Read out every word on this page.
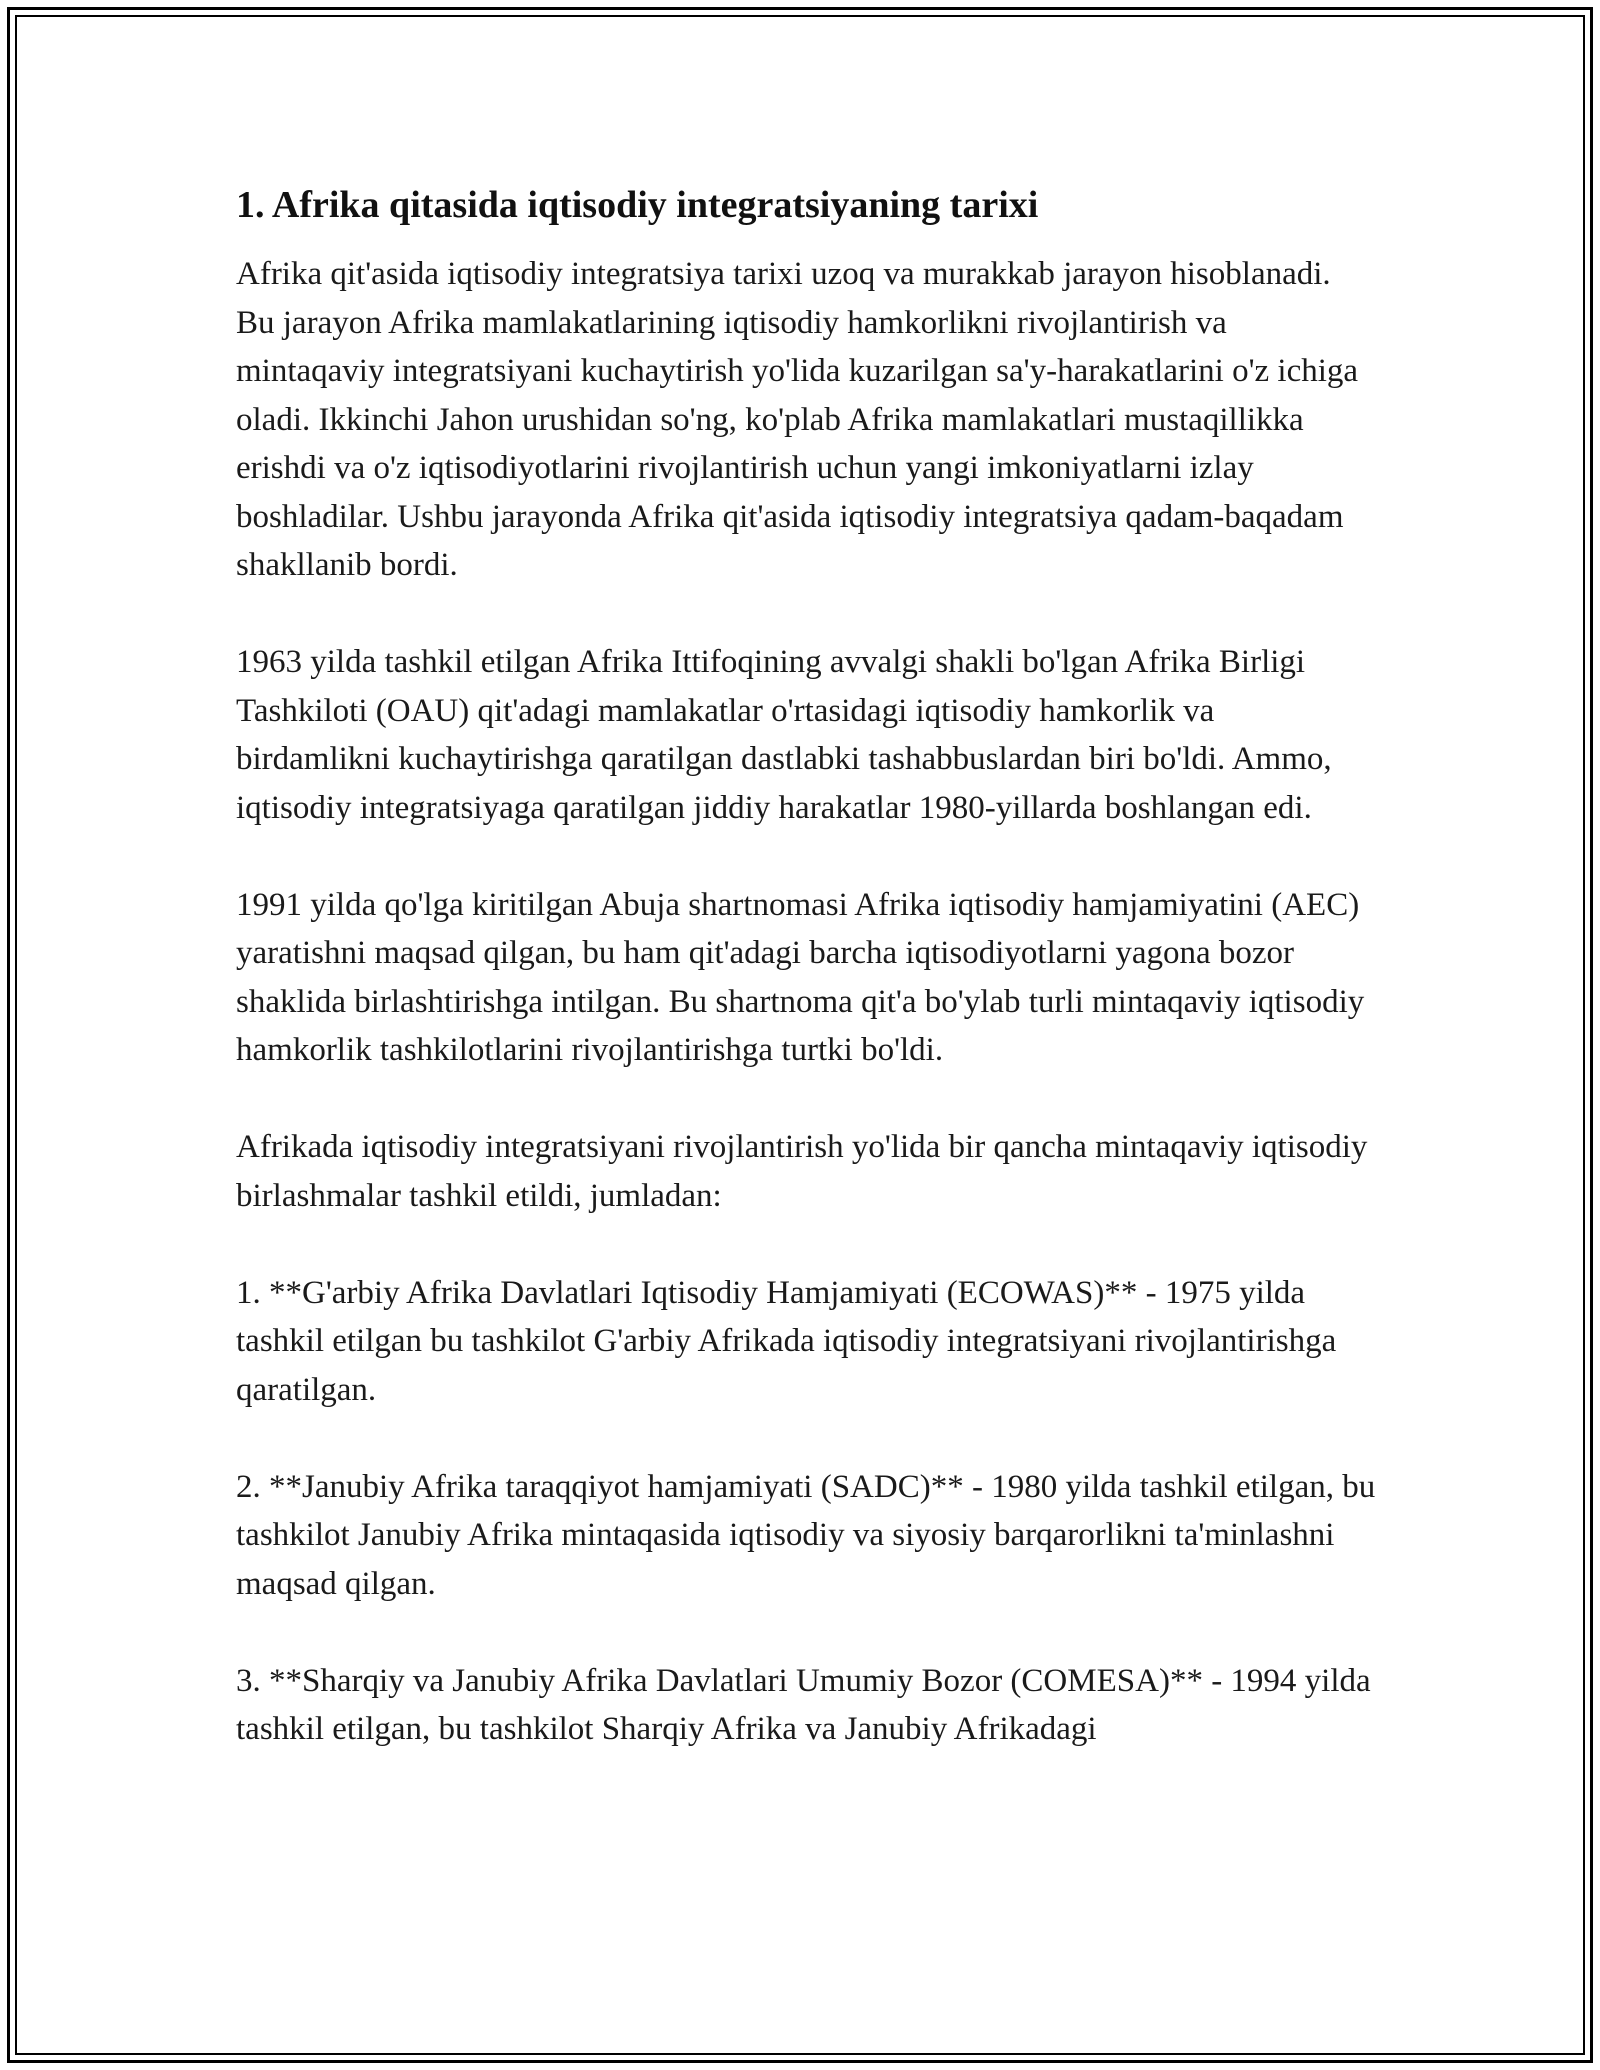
1. Afrika qitasida iqtisodiy integratsiyaning tarixi

Afrika qit'asida iqtisodiy integratsiya tarixi uzoq va murakkab jarayon hisoblanadi. Bu jarayon Afrika mamlakatlarining iqtisodiy hamkorlikni rivojlantirish va mintaqaviy integratsiyani kuchaytirish yo'lida kuzarilgan sa'y-harakatlarini o'z ichiga oladi. Ikkinchi Jahon urushidan so'ng, ko'plab Afrika mamlakatlari mustaqillikka erishdi va o'z iqtisodiyotlarini rivojlantirish uchun yangi imkoniyatlarni izlay boshladilar. Ushbu jarayonda Afrika qit'asida iqtisodiy integratsiya qadam-baqadam shakllanib bordi.

1963 yilda tashkil etilgan Afrika Ittifoqining avvalgi shakli bo'lgan Afrika Birligi Tashkiloti (OAU) qit'adagi mamlakatlar o'rtasidagi iqtisodiy hamkorlik va birdamlikni kuchaytirishga qaratilgan dastlabki tashabbuslardan biri bo'ldi. Ammo, iqtisodiy integratsiyaga qaratilgan jiddiy harakatlar 1980-yillarda boshlangan edi.

1991 yilda qo'lga kiritilgan Abuja shartnomasi Afrika iqtisodiy hamjamiyatini (AEC) yaratishni maqsad qilgan, bu ham qit'adagi barcha iqtisodiyotlarni yagona bozor shaklida birlashtirishga intilgan. Bu shartnoma qit'a bo'ylab turli mintaqaviy iqtisodiy hamkorlik tashkilotlarini rivojlantirishga turtki bo'ldi.

Afrikada iqtisodiy integratsiyani rivojlantirish yo'lida bir qancha mintaqaviy iqtisodiy birlashmalar tashkil etildi, jumladan:

1. **G'arbiy Afrika Davlatlari Iqtisodiy Hamjamiyati (ECOWAS)** - 1975 yilda tashkil etilgan bu tashkilot G'arbiy Afrikada iqtisodiy integratsiyani rivojlantirishga qaratilgan.

2. **Janubiy Afrika taraqqiyot hamjamiyati (SADC)** - 1980 yilda tashkil etilgan, bu tashkilot Janubiy Afrika mintaqasida iqtisodiy va siyosiy barqarorlikni ta'minlashni maqsad qilgan.

3. **Sharqiy va Janubiy Afrika Davlatlari Umumiy Bozor (COMESA)** - 1994 yilda tashkil etilgan, bu tashkilot Sharqiy Afrika va Janubiy Afrikadagi
